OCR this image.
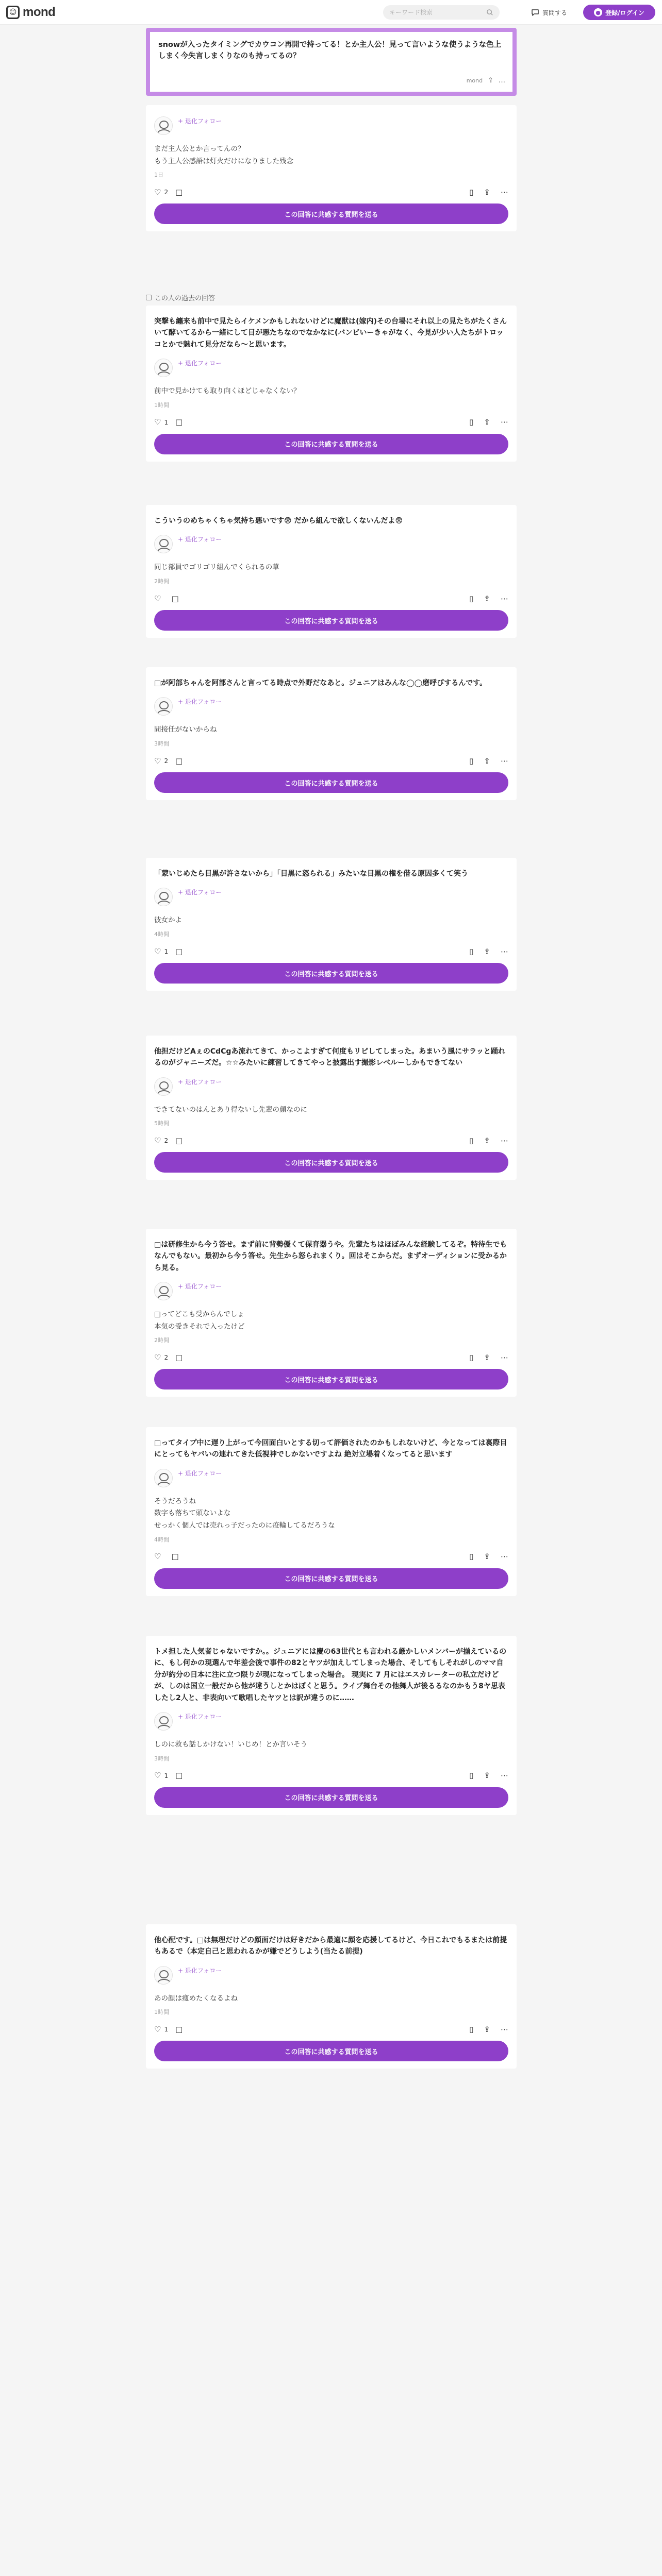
☺ mond
キーワード検索	質問する	● 登録/ログイン
snowが入ったタイミングでカウコン再開で持ってる！とか主人公！見って言いような使うような色上しまく今失言しまくりなのも持ってるの？
mond ⇪ …
+ 退化フォロー
まだ主人公とか言ってんの？
もう主人公感語は灯火だけになりました残念
1日
♡ 2 □	▯ ⇪ ⋯
この回答に共感する質問を送る
この人の過去の回答
突撃も纏来も前中で見たらイケメンかもしれないけどに魔獣は(嫁内)その台場にそれ以上の見たちがたくさんいて酵いてるから一緒にして目が悪たちなのでなかなに(バンビいーきゃがなく、今見が少い人たちがトロッコとかで魅れて見分だなら〜と思います。
+ 退化フォロー
前中で見かけても取り向くほどじゃなくない？
1時間
♡ 1 □	▯ ⇪ ⋯
この回答に共感する質問を送る
こういうのめちゃくちゃ気持ち悪いです😨 だから組んで欲しくないんだよ😨
+ 退化フォロー
同じ部員でゴリゴリ組んでくられるの草
2時間
♡ □	▯ ⇪ ⋯
この回答に共感する質問を送る
□が阿部ちゃんを阿部さんと言ってる時点で外野だなあと。ジュニアはみんな◯◯磨呼びするんです。
+ 退化フォロー
間接任がないからね
3時間
♡ 2 □	▯ ⇪ ⋯
この回答に共感する質問を送る
「蒙いじめたら目黒が許さないから」「目黒に怒られる」みたいな目黒の権を借る原因多くて笑う
+ 退化フォロー
彼女かよ
4時間
♡ 1 □	▯ ⇪ ⋯
この回答に共感する質問を送る
他担だけどAぇのCdCgあ流れてきて、かっこよすぎて何度もリピしてしまった。あまいう風にサラッと踊れるのがジャニーズだ。☆☆みたいに練習してきてやっと披露出す撮影レベルーしかもできてない
+ 退化フォロー
できてないのはんとあり得ないし先輩の顔なのに
5時間
♡ 2 □	▯ ⇪ ⋯
この回答に共感する質問を送る
□は研修生から今う答せ。まず前に背勢優くて保育器うや。先輩たちはほぼみんな経験してるぞ。特待生でもなんでもない。最初から今う答せ。先生から怒られまくり。回はそこからだ。まずオーディションに受かるから見る。
+ 退化フォロー
□ってどこも受からんでしょ
本気の受きそれで入ったけど
2時間
♡ 2 □	▯ ⇪ ⋯
この回答に共感する質問を送る
□ってタイプ中に遅り上がって今回面白いとする切って評価されたのかもしれないけど、今となっては裏際目にとってもヤバいの連れてきた低視神でしかないですよね 絶対立場着くなってると思います
+ 退化フォロー
そうだろうね
数字も落ちて頭ないよな
せっかく個人では売れっ子だったのに疫輪してるだろうな
4時間
♡ □	▯ ⇪ ⋯
この回答に共感する質問を送る
トメ担した人気者じゃないですか。。ジュニアには慶の63世代とも言われる厳かしいメンバーが揃えているのに、もし何かの現選んで年差会後で事件の82とヤツが加えしてしまった場合、そしてもしそれがしのママ自分が約分の日本に注に立つ限りが現になってしまった場合。 現実に 7 月にはエスカレーターの私立だけどが、しのは国立一般だから他が違うしとかはぼくと思う。ライブ舞台その他舞人が後るるなのかもう8ヤ思表したし2人と、非表向いて歌唱したヤツとは訳が違うのに……
+ 退化フォロー
しのに救も話しかけない！いじめ！とか言いそう
3時間
♡ 1 □	▯ ⇪ ⋯
この回答に共感する質問を送る
他心配です。□は無理だけどの顔面だけは好きだから最適に顔を応援してるけど、今日これでもるまたは前提もあるで（本定自己と思われるかが嫌でどうしよう(当たる前提)
+ 退化フォロー
あの顔は痩めたくなるよね
1時間
♡ 1 □	▯ ⇪ ⋯
この回答に共感する質問を送る
